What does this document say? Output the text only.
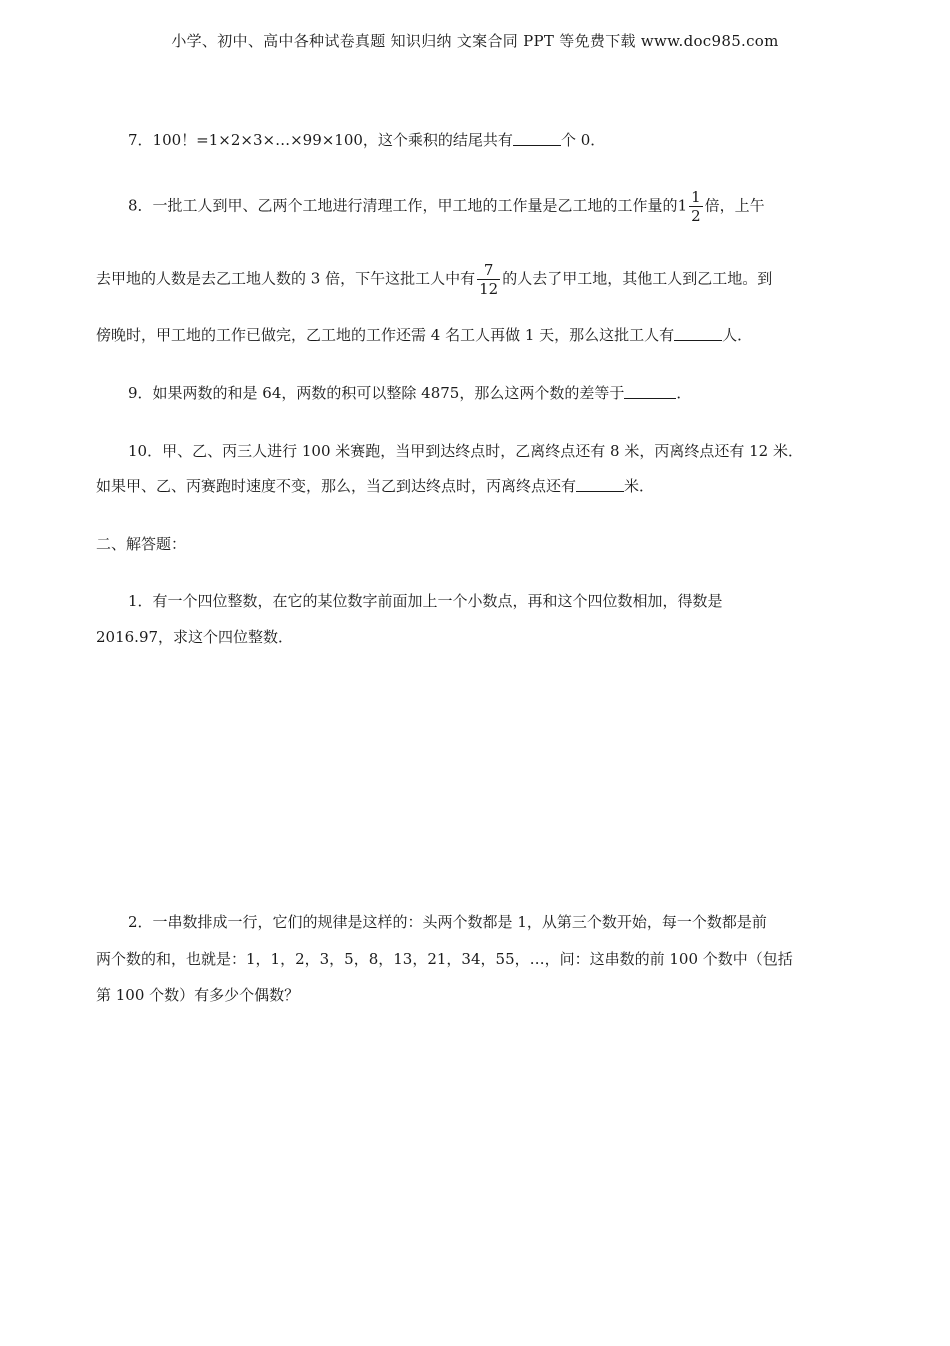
小学、初中、高中各种试卷真题 知识归纳 文案合同 PPT 等免费下载 www.doc985.com
7．100！=1×2×3×…×99×100，这个乘积的结尾共有	个 0．
8．一批工人到甲、乙两个工地进行清理工作，甲工地的工作量是乙工地的工作量的$1 \frac{1}{2}$ 倍，上午
去甲地的人数是去乙工地人数的 3 倍，下午这批工人中有 $\frac{7}{12}$ 的人去了甲工地，其他工人到乙工地。到
傍晚时，甲工地的工作已做完，乙工地的工作还需 4 名工人再做 1 天，那么这批工人有	人．
9．如果两数的和是 64，两数的积可以整除 4875，那么这两个数的差等于	．
10．甲、乙、丙三人进行 100 米赛跑，当甲到达终点时，乙离终点还有 8 米，丙离终点还有 12 米．
如果甲、乙、丙赛跑时速度不变，那么，当乙到达终点时，丙离终点还有	米．
二、解答题：
1．有一个四位整数，在它的某位数字前面加上一个小数点，再和这个四位数相加，得数是
2016.97，求这个四位整数．
2．一串数排成一行，它们的规律是这样的：头两个数都是 1，从第三个数开始，每一个数都是前
两个数的和，也就是：1，1，2，3，5，8，13，21，34，55，…，问：这串数的前 100 个数中（包括
第 100 个数）有多少个偶数？
